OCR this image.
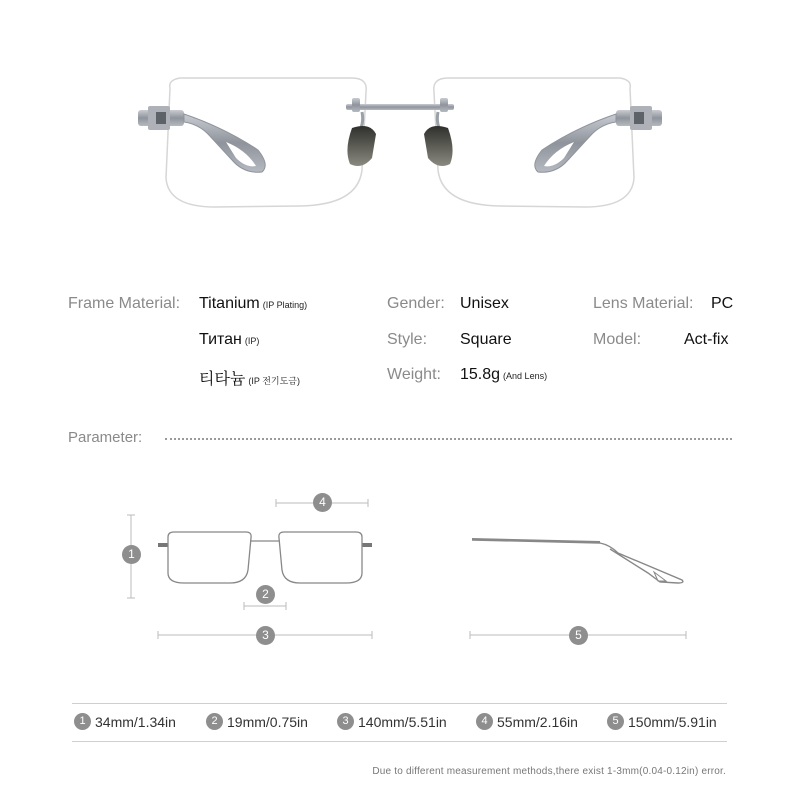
Frame Material: Titanium (IP Plating)
Титан (IP)
티타늄 (IP 전기도금)
Gender: Unisex
Style: Square
Weight: 15.8g (And Lens)
Lens Material: PC
Model:	Act-fix
Parameter:
1
2
3
4
5
1 34mm/1.34in	2 19mm/0.75in	3 140mm/5.51in	4 55mm/2.16in	5 150mm/5.91in
Due to different measurement methods,there exist 1-3mm(0.04-0.12in) error.
